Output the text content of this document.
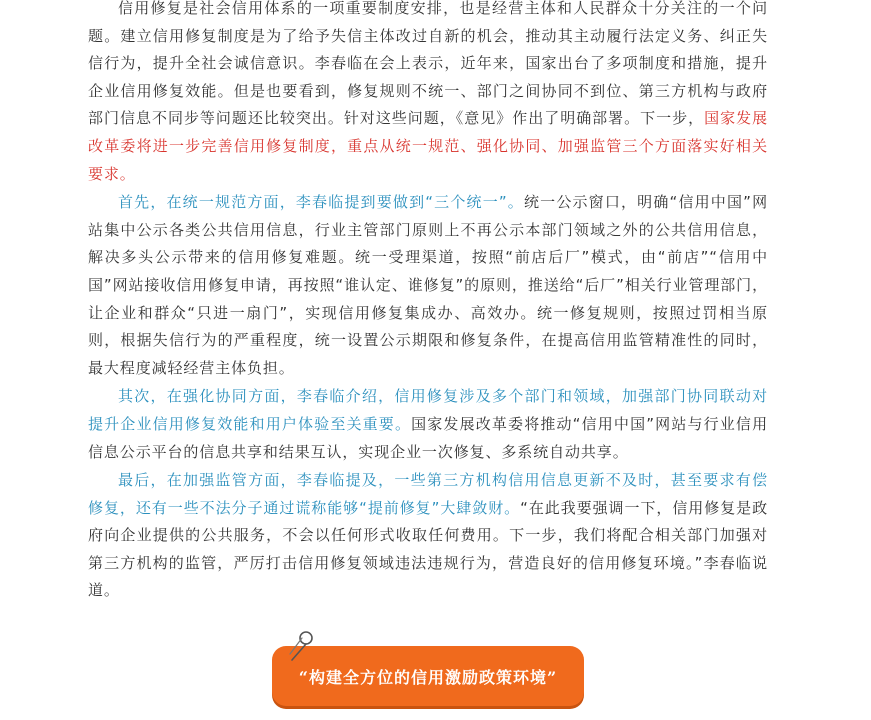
信用修复是社会信用体系的一项重要制度安排，也是经营主体和人民群众十分关注的一个问题。建立信用修复制度是为了给予失信主体改过自新的机会，推动其主动履行法定义务、纠正失信行为，提升全社会诚信意识。李春临在会上表示，近年来，国家出台了多项制度和措施，提升企业信用修复效能。但是也要看到，修复规则不统一、部门之间协同不到位、第三方机构与政府部门信息不同步等问题还比较突出。针对这些问题，《意见》作出了明确部署。下一步，国家发展改革委将进一步完善信用修复制度，重点从统一规范、强化协同、加强监管三个方面落实好相关要求。

首先，在统一规范方面，李春临提到要做到“三个统一”。统一公示窗口，明确“信用中国”网站集中公示各类公共信用信息，行业主管部门原则上不再公示本部门领域之外的公共信用信息，解决多头公示带来的信用修复难题。统一受理渠道，按照“前店后厂”模式，由“前店”“信用中国”网站接收信用修复申请，再按照“谁认定、谁修复”的原则，推送给“后厂”相关行业管理部门，让企业和群众“只进一扇门”，实现信用修复集成办、高效办。统一修复规则，按照过罚相当原则，根据失信行为的严重程度，统一设置公示期限和修复条件，在提高信用监管精准性的同时，最大程度减轻经营主体负担。

其次，在强化协同方面，李春临介绍，信用修复涉及多个部门和领域，加强部门协同联动对提升企业信用修复效能和用户体验至关重要。国家发展改革委将推动“信用中国”网站与行业信用信息公示平台的信息共享和结果互认，实现企业一次修复、多系统自动共享。

最后，在加强监管方面，李春临提及，一些第三方机构信用信息更新不及时，甚至要求有偿修复，还有一些不法分子通过谎称能够“提前修复”大肆敛财。“在此我要强调一下，信用修复是政府向企业提供的公共服务，不会以任何形式收取任何费用。下一步，我们将配合相关部门加强对第三方机构的监管，严厉打击信用修复领域违法违规行为，营造良好的信用修复环境。”李春临说道。

“构建全方位的信用激励政策环境”
